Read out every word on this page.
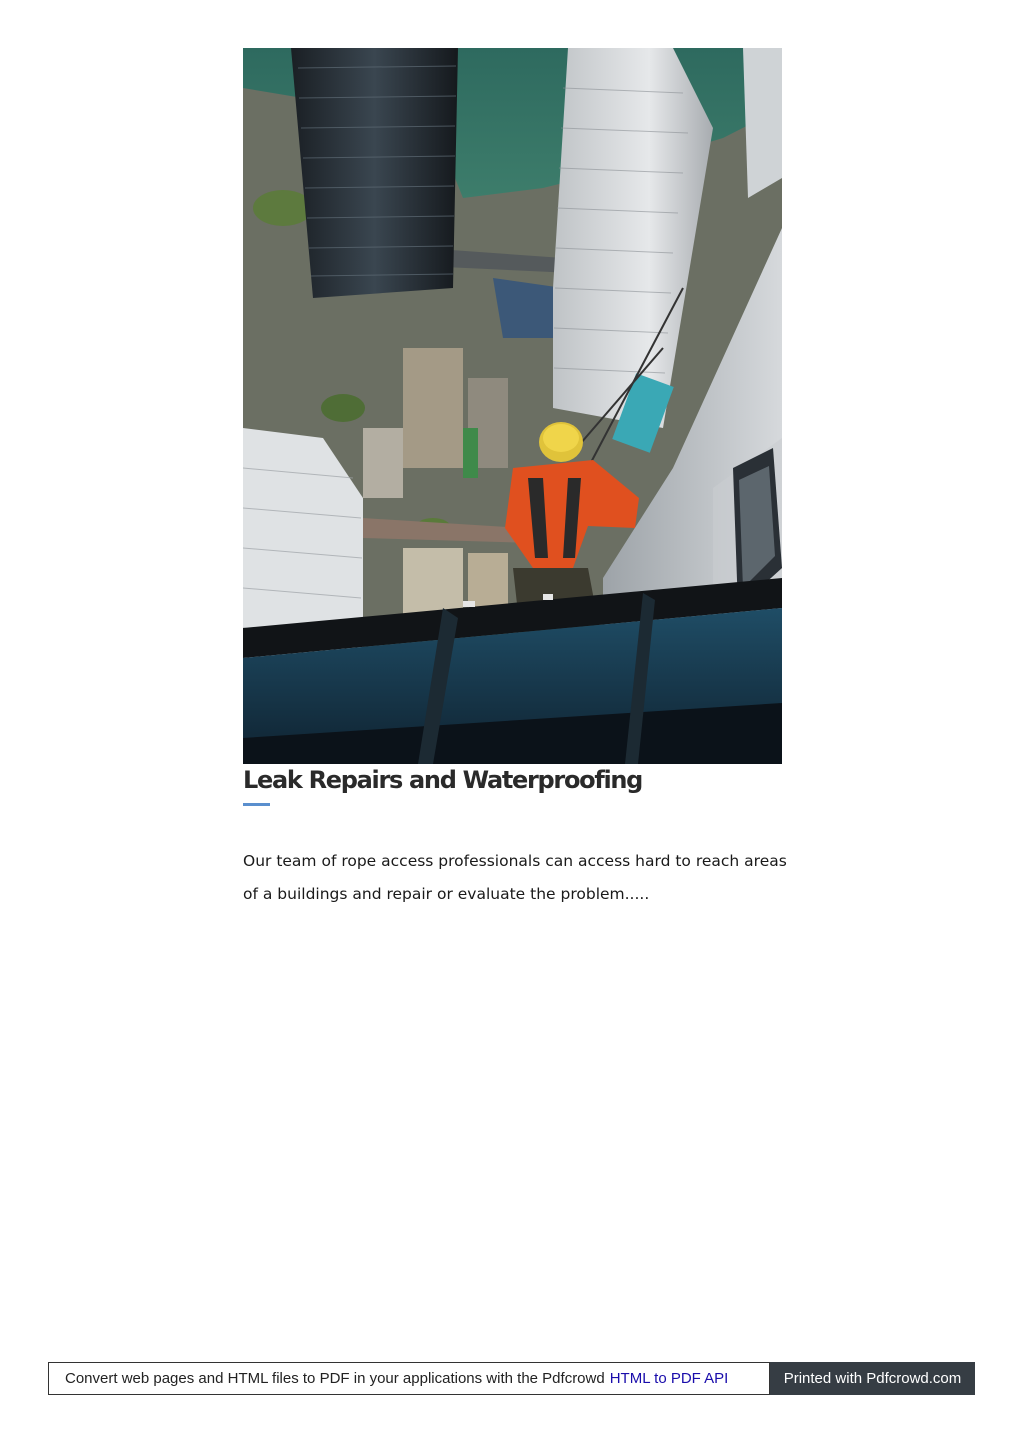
Leak Repairs and Waterproofing

Our team of rope access professionals can access hard to reach areas of a buildings and repair or evaluate the problem.....

Convert web pages and HTML files to PDF in your applications with the Pdfcrowd HTML to PDF API	Printed with Pdfcrowd.com
